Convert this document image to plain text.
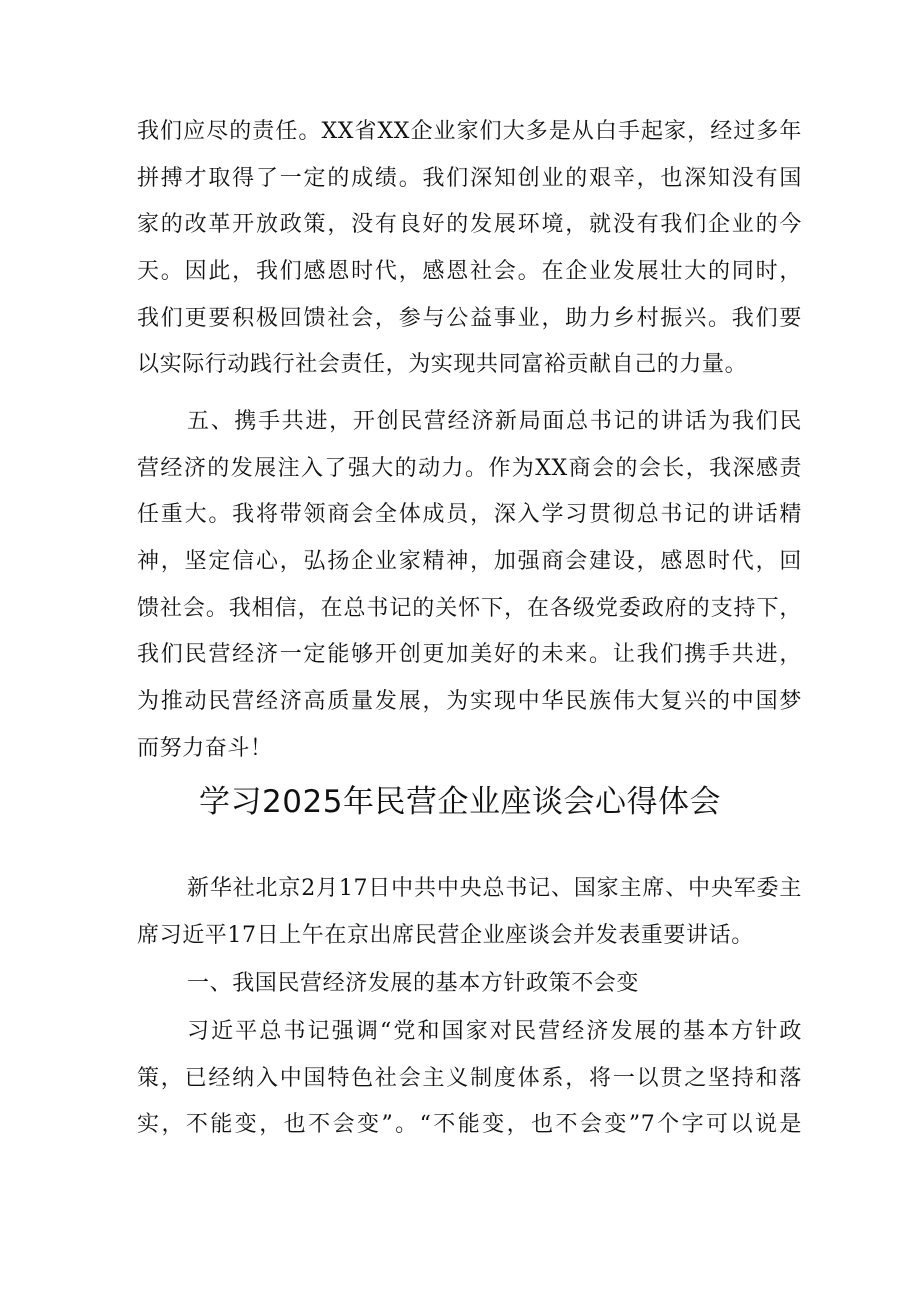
我们应尽的责任。XX省XX企业家们大多是从白手起家，经过多年
拼搏才取得了一定的成绩。我们深知创业的艰辛，也深知没有国
家的改革开放政策，没有良好的发展环境，就没有我们企业的今
天。因此，我们感恩时代，感恩社会。在企业发展壮大的同时，
我们更要积极回馈社会，参与公益事业，助力乡村振兴。我们要
以实际行动践行社会责任，为实现共同富裕贡献自己的力量。
五、携手共进，开创民营经济新局面总书记的讲话为我们民
营经济的发展注入了强大的动力。作为XX商会的会长，我深感责
任重大。我将带领商会全体成员，深入学习贯彻总书记的讲话精
神，坚定信心，弘扬企业家精神，加强商会建设，感恩时代，回
馈社会。我相信，在总书记的关怀下，在各级党委政府的支持下，
我们民营经济一定能够开创更加美好的未来。让我们携手共进，
为推动民营经济高质量发展，为实现中华民族伟大复兴的中国梦
而努力奋斗！
学习2025年民营企业座谈会心得体会
新华社北京2月17日中共中央总书记、国家主席、中央军委主
席习近平17日上午在京出席民营企业座谈会并发表重要讲话。
一、我国民营经济发展的基本方针政策不会变
习近平总书记强调“党和国家对民营经济发展的基本方针政
策，已经纳入中国特色社会主义制度体系，将一以贯之坚持和落
实，不能变，也不会变”。“不能变，也不会变”7个字可以说是
